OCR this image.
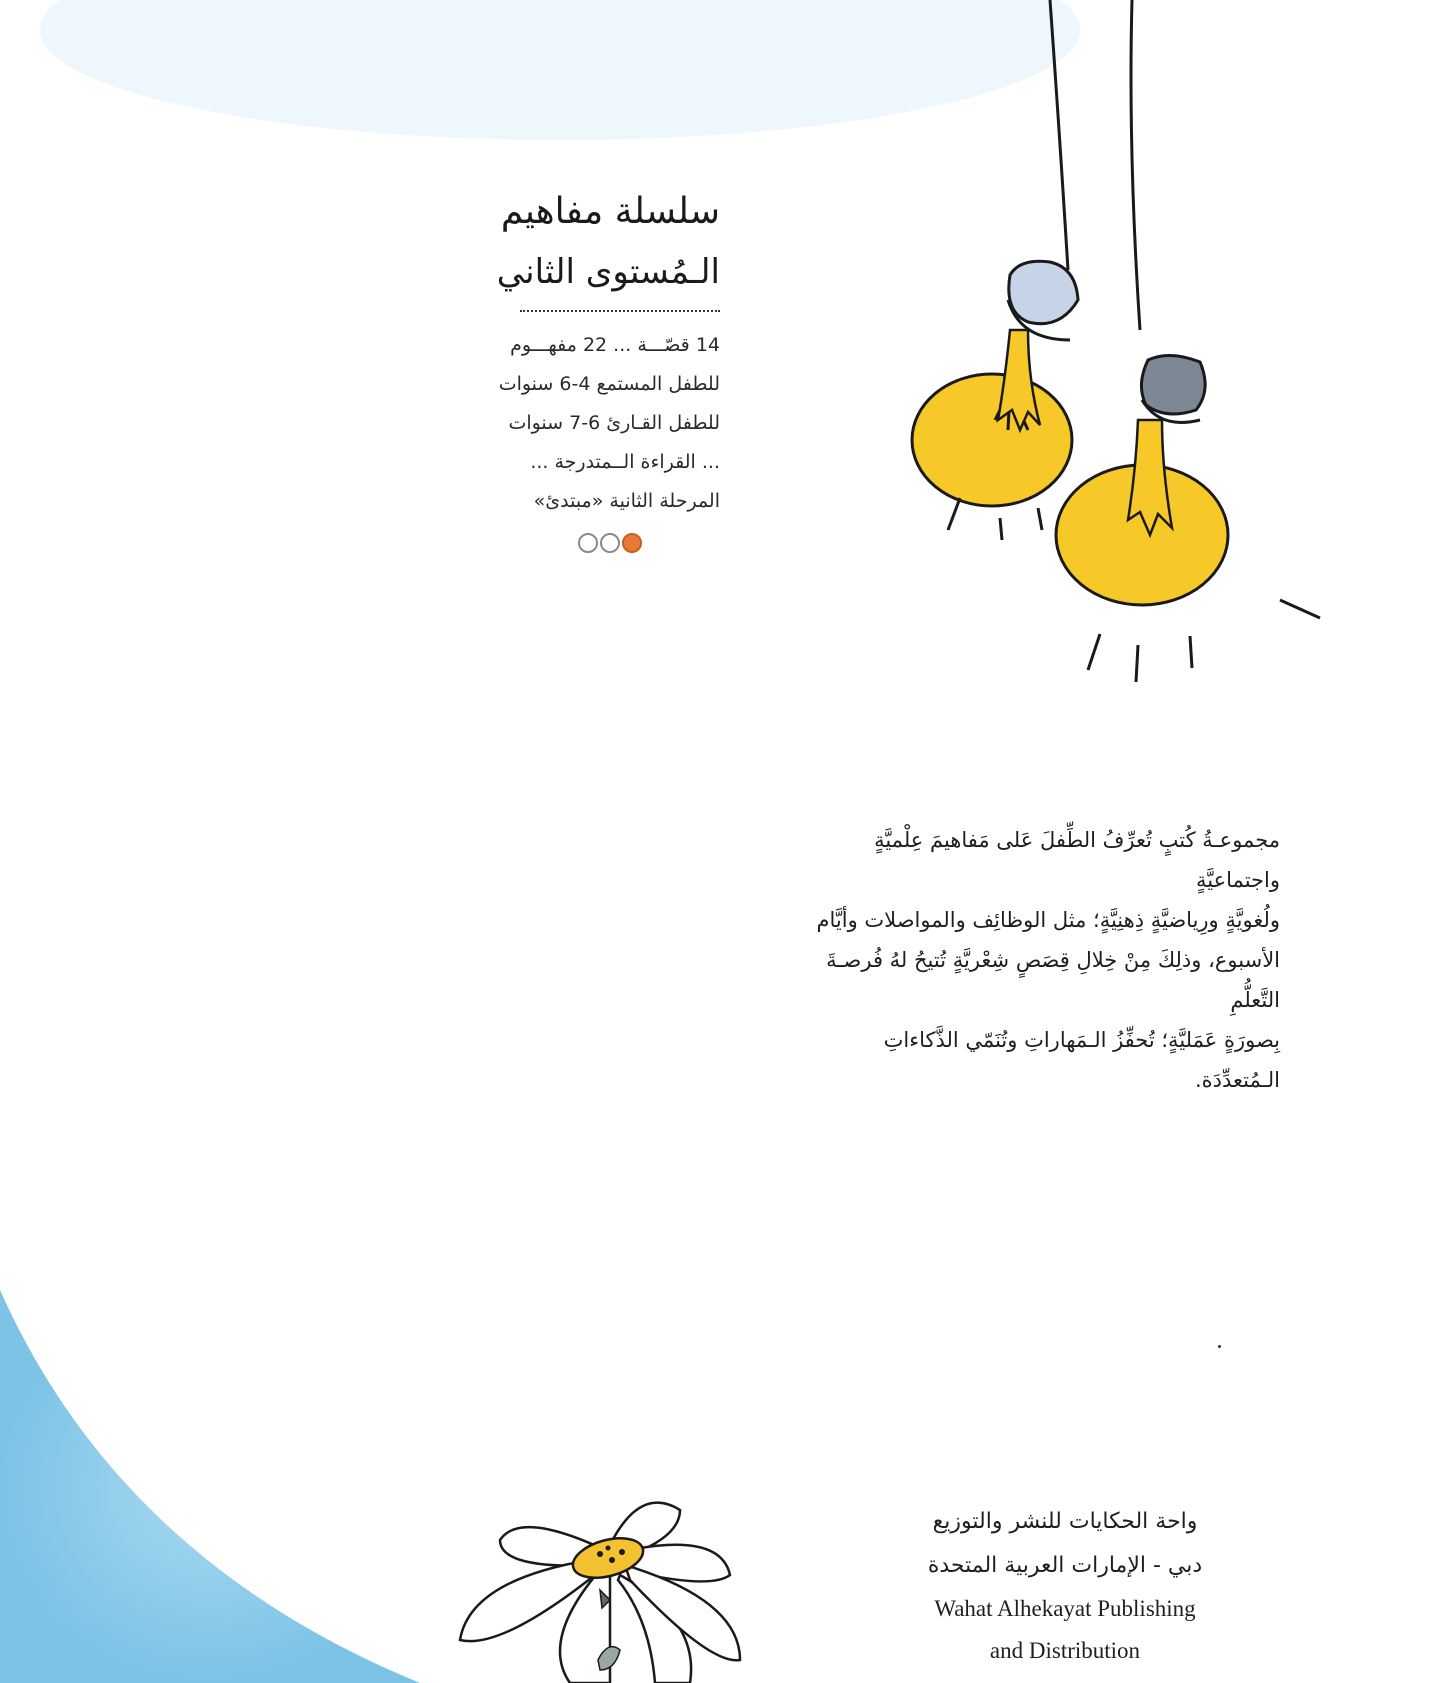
سلسلة مفاهيم
الـمُستوى الثاني
14 قصّـــة ... 22 مفهـــوم
للطفل المستمع 4-6 سنوات
للطفل القـارئ 6-7 سنوات
... القراءة الــمتدرجة ...
المرحلة الثانية «مبتدئ»
مجموعـةُ كُتبٍ تُعرِّفُ الطِّفلَ عَلى مَفاهيمَ عِلْميَّةٍ واجتماعيَّةٍ
ولُغويَّةٍ ورِياضيَّةٍ ذِهنِيَّةٍ؛ مثل الوظائِف والمواصلات وأيَّام
الأسبوع، وذلِكَ مِنْ خِلالِ قِصَصٍ شِعْريَّةٍ تُتيحُ لهُ فُرصـةَ التَّعلُّمِ
بِصورَةٍ عَمَليَّةٍ؛ تُحفِّزُ الـمَهاراتِ وتُنَمّي الذَّكاءاتِ الـمُتعدِّدَة.
واحة الحكايات للنشر والتوزيع
دبي - الإمارات العربية المتحدة
Wahat Alhekayat Publishing
and Distribution
